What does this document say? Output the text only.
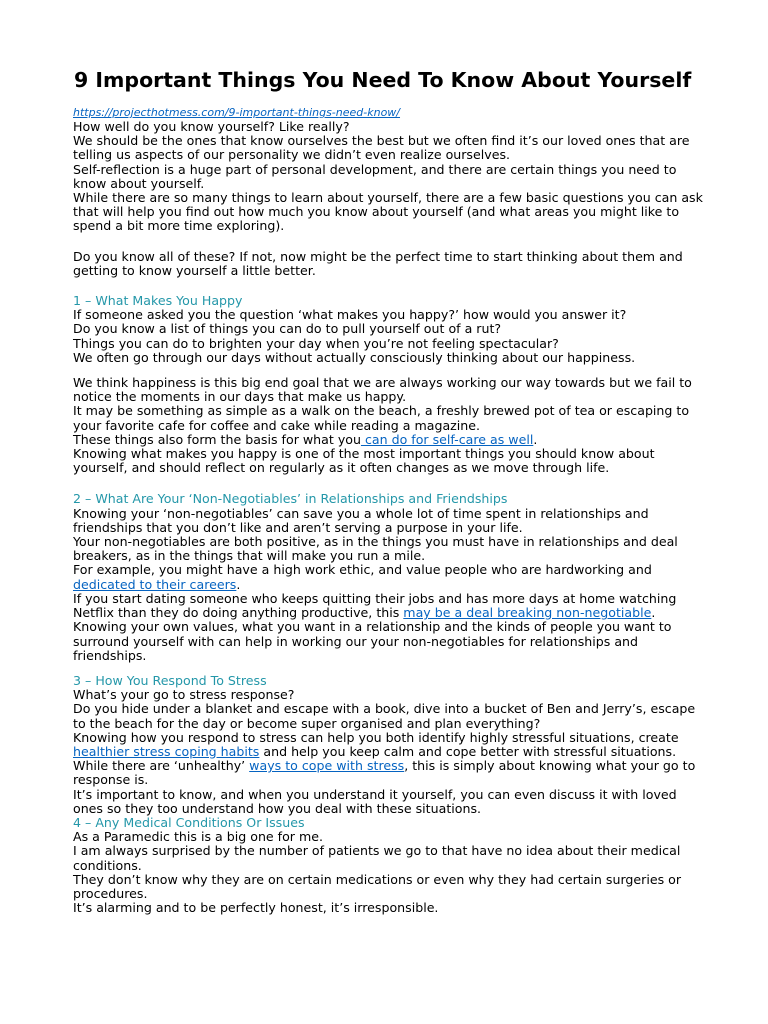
9 Important Things You Need To Know About Yourself
https://projecthotmess.com/9-important-things-need-know/

How well do you know yourself? Like really?

We should be the ones that know ourselves the best but we often find it’s our loved ones that are telling us aspects of our personality we didn’t even realize ourselves.

Self-reflection is a huge part of personal development, and there are certain things you need to know about yourself.

While there are so many things to learn about yourself, there are a few basic questions you can ask that will help you find out how much you know about yourself (and what areas you might like to spend a bit more time exploring).

Do you know all of these? If not, now might be the perfect time to start thinking about them and getting to know yourself a little better.

1 – What Makes You Happy

If someone asked you the question ‘what makes you happy?’ how would you answer it?

Do you know a list of things you can do to pull yourself out of a rut?

Things you can do to brighten your day when you’re not feeling spectacular?

We often go through our days without actually consciously thinking about our happiness.

We think happiness is this big end goal that we are always working our way towards but we fail to notice the moments in our days that make us happy.

It may be something as simple as a walk on the beach, a freshly brewed pot of tea or escaping to your favorite cafe for coffee and cake while reading a magazine.

These things also form the basis for what you can do for self-care as well.

Knowing what makes you happy is one of the most important things you should know about yourself, and should reflect on regularly as it often changes as we move through life.

2 – What Are Your ‘Non-Negotiables’ in Relationships and Friendships

Knowing your ‘non-negotiables’ can save you a whole lot of time spent in relationships and friendships that you don’t like and aren’t serving a purpose in your life.

Your non-negotiables are both positive, as in the things you must have in relationships and deal breakers, as in the things that will make you run a mile.

For example, you might have a high work ethic, and value people who are hardworking and dedicated to their careers.

If you start dating someone who keeps quitting their jobs and has more days at home watching Netflix than they do doing anything productive, this may be a deal breaking non-negotiable.

Knowing your own values, what you want in a relationship and the kinds of people you want to surround yourself with can help in working our your non-negotiables for relationships and friendships.

3 – How You Respond To Stress

What’s your go to stress response?

Do you hide under a blanket and escape with a book, dive into a bucket of Ben and Jerry’s, escape to the beach for the day or become super organised and plan everything?

Knowing how you respond to stress can help you both identify highly stressful situations, create healthier stress coping habits and help you keep calm and cope better with stressful situations.

While there are ‘unhealthy’ ways to cope with stress, this is simply about knowing what your go to response is.

It’s important to know, and when you understand it yourself, you can even discuss it with loved ones so they too understand how you deal with these situations.

4 – Any Medical Conditions Or Issues

As a Paramedic this is a big one for me.

I am always surprised by the number of patients we go to that have no idea about their medical conditions.

They don’t know why they are on certain medications or even why they had certain surgeries or procedures.

It’s alarming and to be perfectly honest, it’s irresponsible.
